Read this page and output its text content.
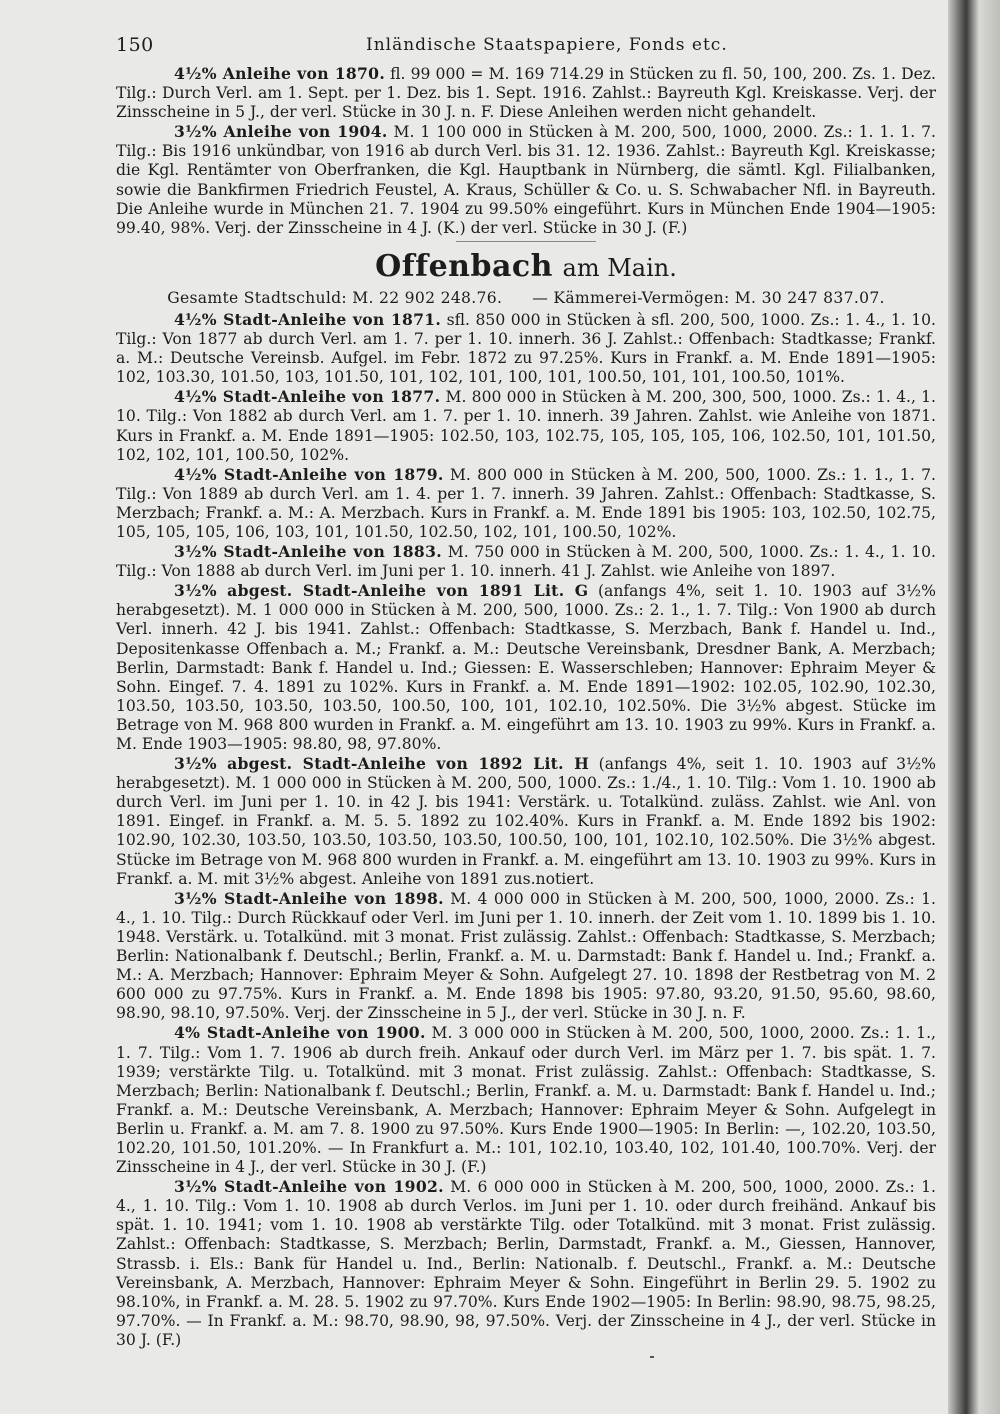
150	Inländische Staatspapiere, Fonds etc.

4½% Anleihe von 1870. fl. 99 000 = M. 169 714.29 in Stücken zu fl. 50, 100, 200. Zs. 1. Dez. Tilg.: Durch Verl. am 1. Sept. per 1. Dez. bis 1. Sept. 1916. Zahlst.: Bayreuth Kgl. Kreiskasse. Verj. der Zinsscheine in 5 J., der verl. Stücke in 30 J. n. F. Diese Anleihen werden nicht gehandelt.

3½% Anleihe von 1904. M. 1 100 000 in Stücken à M. 200, 500, 1000, 2000. Zs.: 1. 1. 1. 7. Tilg.: Bis 1916 unkündbar, von 1916 ab durch Verl. bis 31. 12. 1936. Zahlst.: Bayreuth Kgl. Kreiskasse; die Kgl. Rentämter von Oberfranken, die Kgl. Hauptbank in Nürnberg, die sämtl. Kgl. Filialbanken, sowie die Bankfirmen Friedrich Feustel, A. Kraus, Schüller & Co. u. S. Schwabacher Nfl. in Bayreuth. Die Anleihe wurde in München 21. 7. 1904 zu 99.50% eingeführt. Kurs in München Ende 1904—1905: 99.40, 98%. Verj. der Zinsscheine in 4 J. (K.) der verl. Stücke in 30 J. (F.)

Offenbach am Main.
Gesamte Stadtschuld: M. 22 902 248.76. — Kämmerei-Vermögen: M. 30 247 837.07.

4½% Stadt-Anleihe von 1871. sfl. 850 000 in Stücken à sfl. 200, 500, 1000. Zs.: 1. 4., 1. 10. Tilg.: Von 1877 ab durch Verl. am 1. 7. per 1. 10. innerh. 36 J. Zahlst.: Offenbach: Stadtkasse; Frankf. a. M.: Deutsche Vereinsb. Aufgel. im Febr. 1872 zu 97.25%. Kurs in Frankf. a. M. Ende 1891—1905: 102, 103.30, 101.50, 103, 101.50, 101, 102, 101, 100, 101, 100.50, 101, 101, 100.50, 101%.

4½% Stadt-Anleihe von 1877. M. 800 000 in Stücken à M. 200, 300, 500, 1000. Zs.: 1. 4., 1. 10. Tilg.: Von 1882 ab durch Verl. am 1. 7. per 1. 10. innerh. 39 Jahren. Zahlst. wie Anleihe von 1871. Kurs in Frankf. a. M. Ende 1891—1905: 102.50, 103, 102.75, 105, 105, 105, 106, 102.50, 101, 101.50, 102, 102, 101, 100.50, 102%.

4½% Stadt-Anleihe von 1879. M. 800 000 in Stücken à M. 200, 500, 1000. Zs.: 1. 1., 1. 7. Tilg.: Von 1889 ab durch Verl. am 1. 4. per 1. 7. innerh. 39 Jahren. Zahlst.: Offenbach: Stadtkasse, S. Merzbach; Frankf. a. M.: A. Merzbach. Kurs in Frankf. a. M. Ende 1891 bis 1905: 103, 102.50, 102.75, 105, 105, 105, 106, 103, 101, 101.50, 102.50, 102, 101, 100.50, 102%.

3½% Stadt-Anleihe von 1883. M. 750 000 in Stücken à M. 200, 500, 1000. Zs.: 1. 4., 1. 10. Tilg.: Von 1888 ab durch Verl. im Juni per 1. 10. innerh. 41 J. Zahlst. wie Anleihe von 1897.

3½% abgest. Stadt-Anleihe von 1891 Lit. G (anfangs 4%, seit 1. 10. 1903 auf 3½% herabgesetzt). M. 1 000 000 in Stücken à M. 200, 500, 1000. Zs.: 2. 1., 1. 7. Tilg.: Von 1900 ab durch Verl. innerh. 42 J. bis 1941. Zahlst.: Offenbach: Stadtkasse, S. Merzbach, Bank f. Handel u. Ind., Depositenkasse Offenbach a. M.; Frankf. a. M.: Deutsche Vereinsbank, Dresdner Bank, A. Merzbach; Berlin, Darmstadt: Bank f. Handel u. Ind.; Giessen: E. Wasserschleben; Hannover: Ephraim Meyer & Sohn. Eingef. 7. 4. 1891 zu 102%. Kurs in Frankf. a. M. Ende 1891—1902: 102.05, 102.90, 102.30, 103.50, 103.50, 103.50, 103.50, 100.50, 100, 101, 102.10, 102.50%. Die 3½% abgest. Stücke im Betrage von M. 968 800 wurden in Frankf. a. M. eingeführt am 13. 10. 1903 zu 99%. Kurs in Frankf. a. M. Ende 1903—1905: 98.80, 98, 97.80%.

3½% abgest. Stadt-Anleihe von 1892 Lit. H (anfangs 4%, seit 1. 10. 1903 auf 3½% herabgesetzt). M. 1 000 000 in Stücken à M. 200, 500, 1000. Zs.: 1./4., 1. 10. Tilg.: Vom 1. 10. 1900 ab durch Verl. im Juni per 1. 10. in 42 J. bis 1941: Verstärk. u. Totalkünd. zuläss. Zahlst. wie Anl. von 1891. Eingef. in Frankf. a. M. 5. 5. 1892 zu 102.40%. Kurs in Frankf. a. M. Ende 1892 bis 1902: 102.90, 102.30, 103.50, 103.50, 103.50, 103.50, 100.50, 100, 101, 102.10, 102.50%. Die 3½% abgest. Stücke im Betrage von M. 968 800 wurden in Frankf. a. M. eingeführt am 13. 10. 1903 zu 99%. Kurs in Frankf. a. M. mit 3½% abgest. Anleihe von 1891 zus.notiert.

3½% Stadt-Anleihe von 1898. M. 4 000 000 in Stücken à M. 200, 500, 1000, 2000. Zs.: 1. 4., 1. 10. Tilg.: Durch Rückkauf oder Verl. im Juni per 1. 10. innerh. der Zeit vom 1. 10. 1899 bis 1. 10. 1948. Verstärk. u. Totalkünd. mit 3 monat. Frist zulässig. Zahlst.: Offenbach: Stadtkasse, S. Merzbach; Berlin: Nationalbank f. Deutschl.; Berlin, Frankf. a. M. u. Darmstadt: Bank f. Handel u. Ind.; Frankf. a. M.: A. Merzbach; Hannover: Ephraim Meyer & Sohn. Aufgelegt 27. 10. 1898 der Restbetrag von M. 2 600 000 zu 97.75%. Kurs in Frankf. a. M. Ende 1898 bis 1905: 97.80, 93.20, 91.50, 95.60, 98.60, 98.90, 98.10, 97.50%. Verj. der Zinsscheine in 5 J., der verl. Stücke in 30 J. n. F.

4% Stadt-Anleihe von 1900. M. 3 000 000 in Stücken à M. 200, 500, 1000, 2000. Zs.: 1. 1., 1. 7. Tilg.: Vom 1. 7. 1906 ab durch freih. Ankauf oder durch Verl. im März per 1. 7. bis spät. 1. 7. 1939; verstärkte Tilg. u. Totalkünd. mit 3 monat. Frist zulässig. Zahlst.: Offenbach: Stadtkasse, S. Merzbach; Berlin: Nationalbank f. Deutschl.; Berlin, Frankf. a. M. u. Darmstadt: Bank f. Handel u. Ind.; Frankf. a. M.: Deutsche Vereinsbank, A. Merzbach; Hannover: Ephraim Meyer & Sohn. Aufgelegt in Berlin u. Frankf. a. M. am 7. 8. 1900 zu 97.50%. Kurs Ende 1900—1905: In Berlin: —, 102.20, 103.50, 102.20, 101.50, 101.20%. — In Frankfurt a. M.: 101, 102.10, 103.40, 102, 101.40, 100.70%. Verj. der Zinsscheine in 4 J., der verl. Stücke in 30 J. (F.)

3½% Stadt-Anleihe von 1902. M. 6 000 000 in Stücken à M. 200, 500, 1000, 2000. Zs.: 1. 4., 1. 10. Tilg.: Vom 1. 10. 1908 ab durch Verlos. im Juni per 1. 10. oder durch freihänd. Ankauf bis spät. 1. 10. 1941; vom 1. 10. 1908 ab verstärkte Tilg. oder Totalkünd. mit 3 monat. Frist zulässig. Zahlst.: Offenbach: Stadtkasse, S. Merzbach; Berlin, Darmstadt, Frankf. a. M., Giessen, Hannover, Strassb. i. Els.: Bank für Handel u. Ind., Berlin: Nationalb. f. Deutschl., Frankf. a. M.: Deutsche Vereinsbank, A. Merzbach, Hannover: Ephraim Meyer & Sohn. Eingeführt in Berlin 29. 5. 1902 zu 98.10%, in Frankf. a. M. 28. 5. 1902 zu 97.70%. Kurs Ende 1902—1905: In Berlin: 98.90, 98.75, 98.25, 97.70%. — In Frankf. a. M.: 98.70, 98.90, 98, 97.50%. Verj. der Zinsscheine in 4 J., der verl. Stücke in 30 J. (F.)
